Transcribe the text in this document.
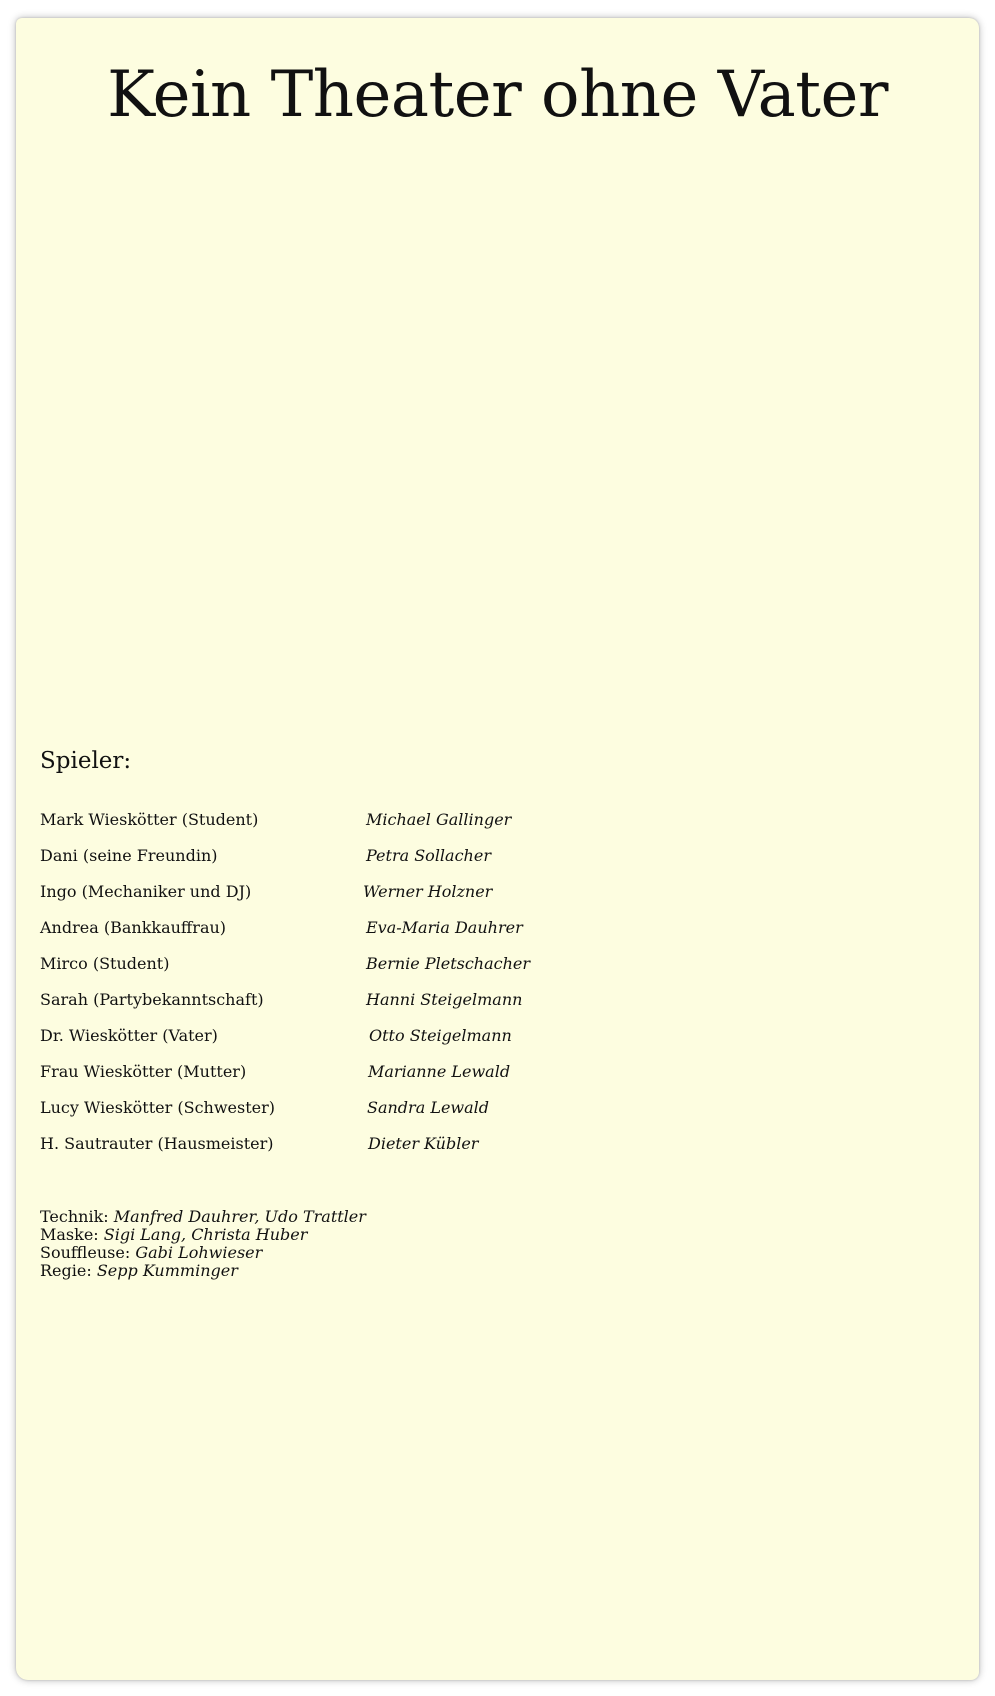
Kein Theater ohne Vater
Spieler:
Mark Wieskötter (Student)	Michael Gallinger
Dani (seine Freundin)	Petra Sollacher
Ingo (Mechaniker und DJ)	Werner Holzner
Andrea (Bankkauffrau)	Eva-Maria Dauhrer
Mirco (Student)	Bernie Pletschacher
Sarah (Partybekanntschaft)	Hanni Steigelmann
Dr. Wieskötter (Vater)	Otto Steigelmann
Frau Wieskötter (Mutter)	Marianne Lewald
Lucy Wieskötter (Schwester)	Sandra Lewald
H. Sautrauter (Hausmeister)	Dieter Kübler
Technik: Manfred Dauhrer, Udo Trattler
Maske: Sigi Lang, Christa Huber
Souffleuse: Gabi Lohwieser
Regie: Sepp Kumminger
